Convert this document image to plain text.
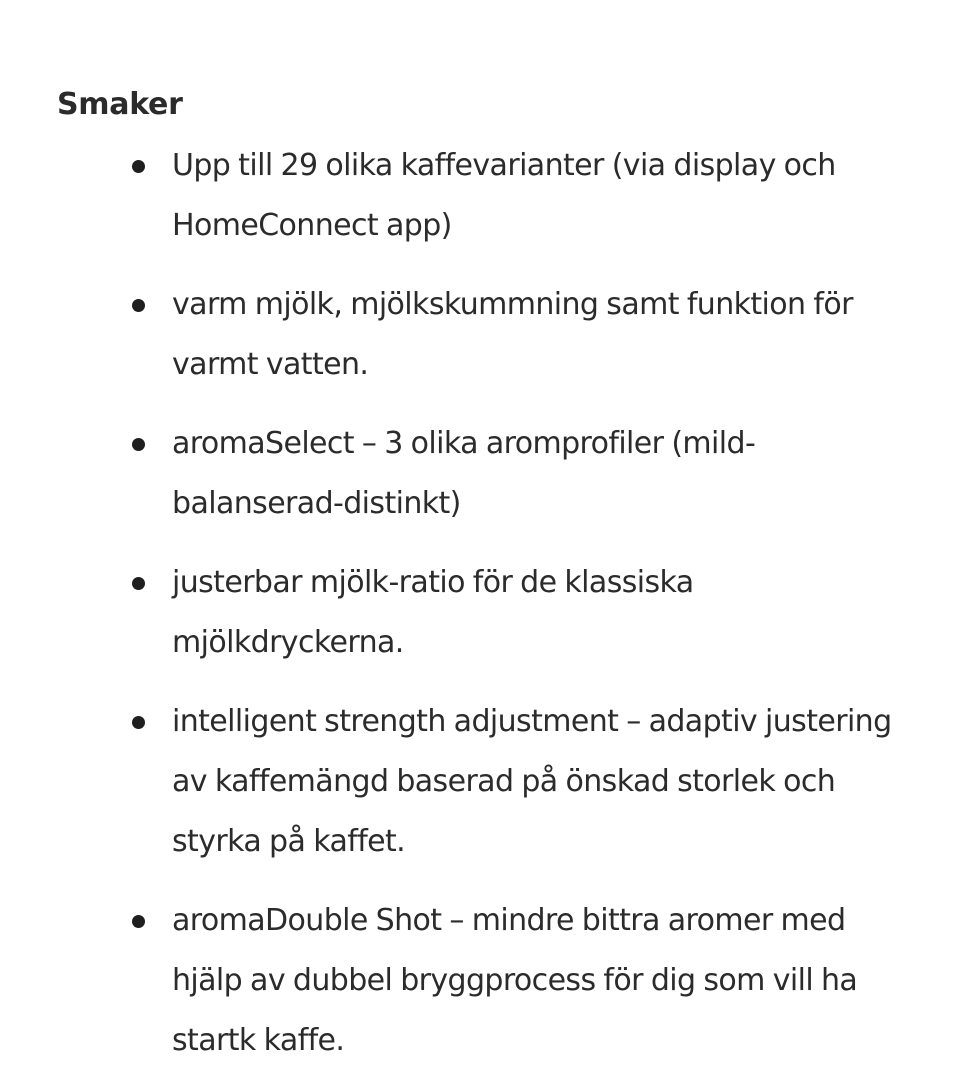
Smaker
Upp till 29 olika kaffevarianter (via display och HomeConnect app)
varm mjölk, mjölkskummning samt funktion för varmt vatten.
aromaSelect – 3 olika aromprofiler (mild-balanserad-distinkt)
justerbar mjölk-ratio för de klassiska mjölkdryckerna.
intelligent strength adjustment – adaptiv justering av kaffemängd baserad på önskad storlek och styrka på kaffet.
aromaDouble Shot – mindre bittra aromer med hjälp av dubbel bryggprocess för dig som vill ha startk kaffe.
